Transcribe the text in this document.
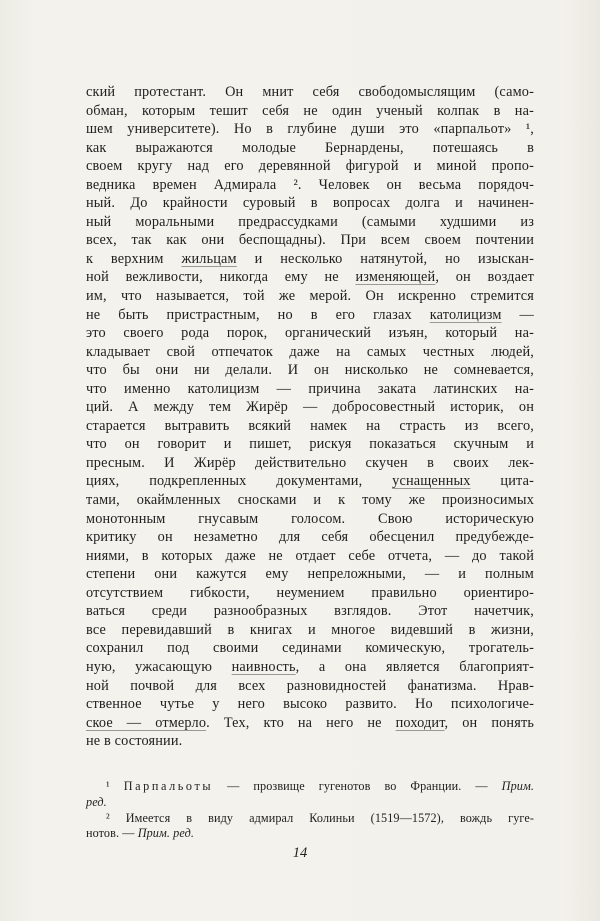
ский протестант. Он мнит себя свободомыслящим (само-
обман, которым тешит себя не один ученый колпак в на-
шем университете). Но в глубине души это «парпальот» ¹,
как выражаются молодые Бернардены, потешаясь в
своем кругу над его деревянной фигурой и миной пропо-
ведника времен Адмирала ². Человек он весьма порядоч-
ный. До крайности суровый в вопросах долга и начинен-
ный моральными предрассудками (самыми худшими из
всех, так как они беспощадны). При всем своем почтении
к верхним жильцам и несколько натянутой, но изыскан-
ной вежливости, никогда ему не изменяющей, он воздает
им, что называется, той же мерой. Он искренно стремится
не быть пристрастным, но в его глазах католицизм —
это своего рода порок, органический изъян, который на-
кладывает свой отпечаток даже на самых честных людей,
что бы они ни делали. И он нисколько не сомневается,
что именно католицизм — причина заката латинских на-
ций. А между тем Жирёр — добросовестный историк, он
старается вытравить всякий намек на страсть из всего,
что он говорит и пишет, рискуя показаться скучным и
пресным. И Жирёр действительно скучен в своих лек-
циях, подкрепленных документами, уснащенных цита-
тами, окаймленных сносками и к тому же произносимых
монотонным гнусавым голосом. Свою историческую
критику он незаметно для себя обесценил предубежде-
ниями, в которых даже не отдает себе отчета, — до такой
степени они кажутся ему непреложными, — и полным
отсутствием гибкости, неумением правильно ориентиро-
ваться среди разнообразных взглядов. Этот начетчик,
все перевидавший в книгах и многое видевший в жизни,
сохранил под своими сединами комическую, трогатель-
ную, ужасающую наивность, а она является благоприят-
ной почвой для всех разновидностей фанатизма. Нрав-
ственное чутье у него высоко развито. Но психологиче-
ское — отмерло. Тех, кто на него не походит, он понять
не в состоянии.
¹ Парпальоты — прозвище гугенотов во Франции. — Прим.
ред.
² Имеется в виду адмирал Колиньи (1519—1572), вождь гуге-
нотов. — Прим. ред.
14
